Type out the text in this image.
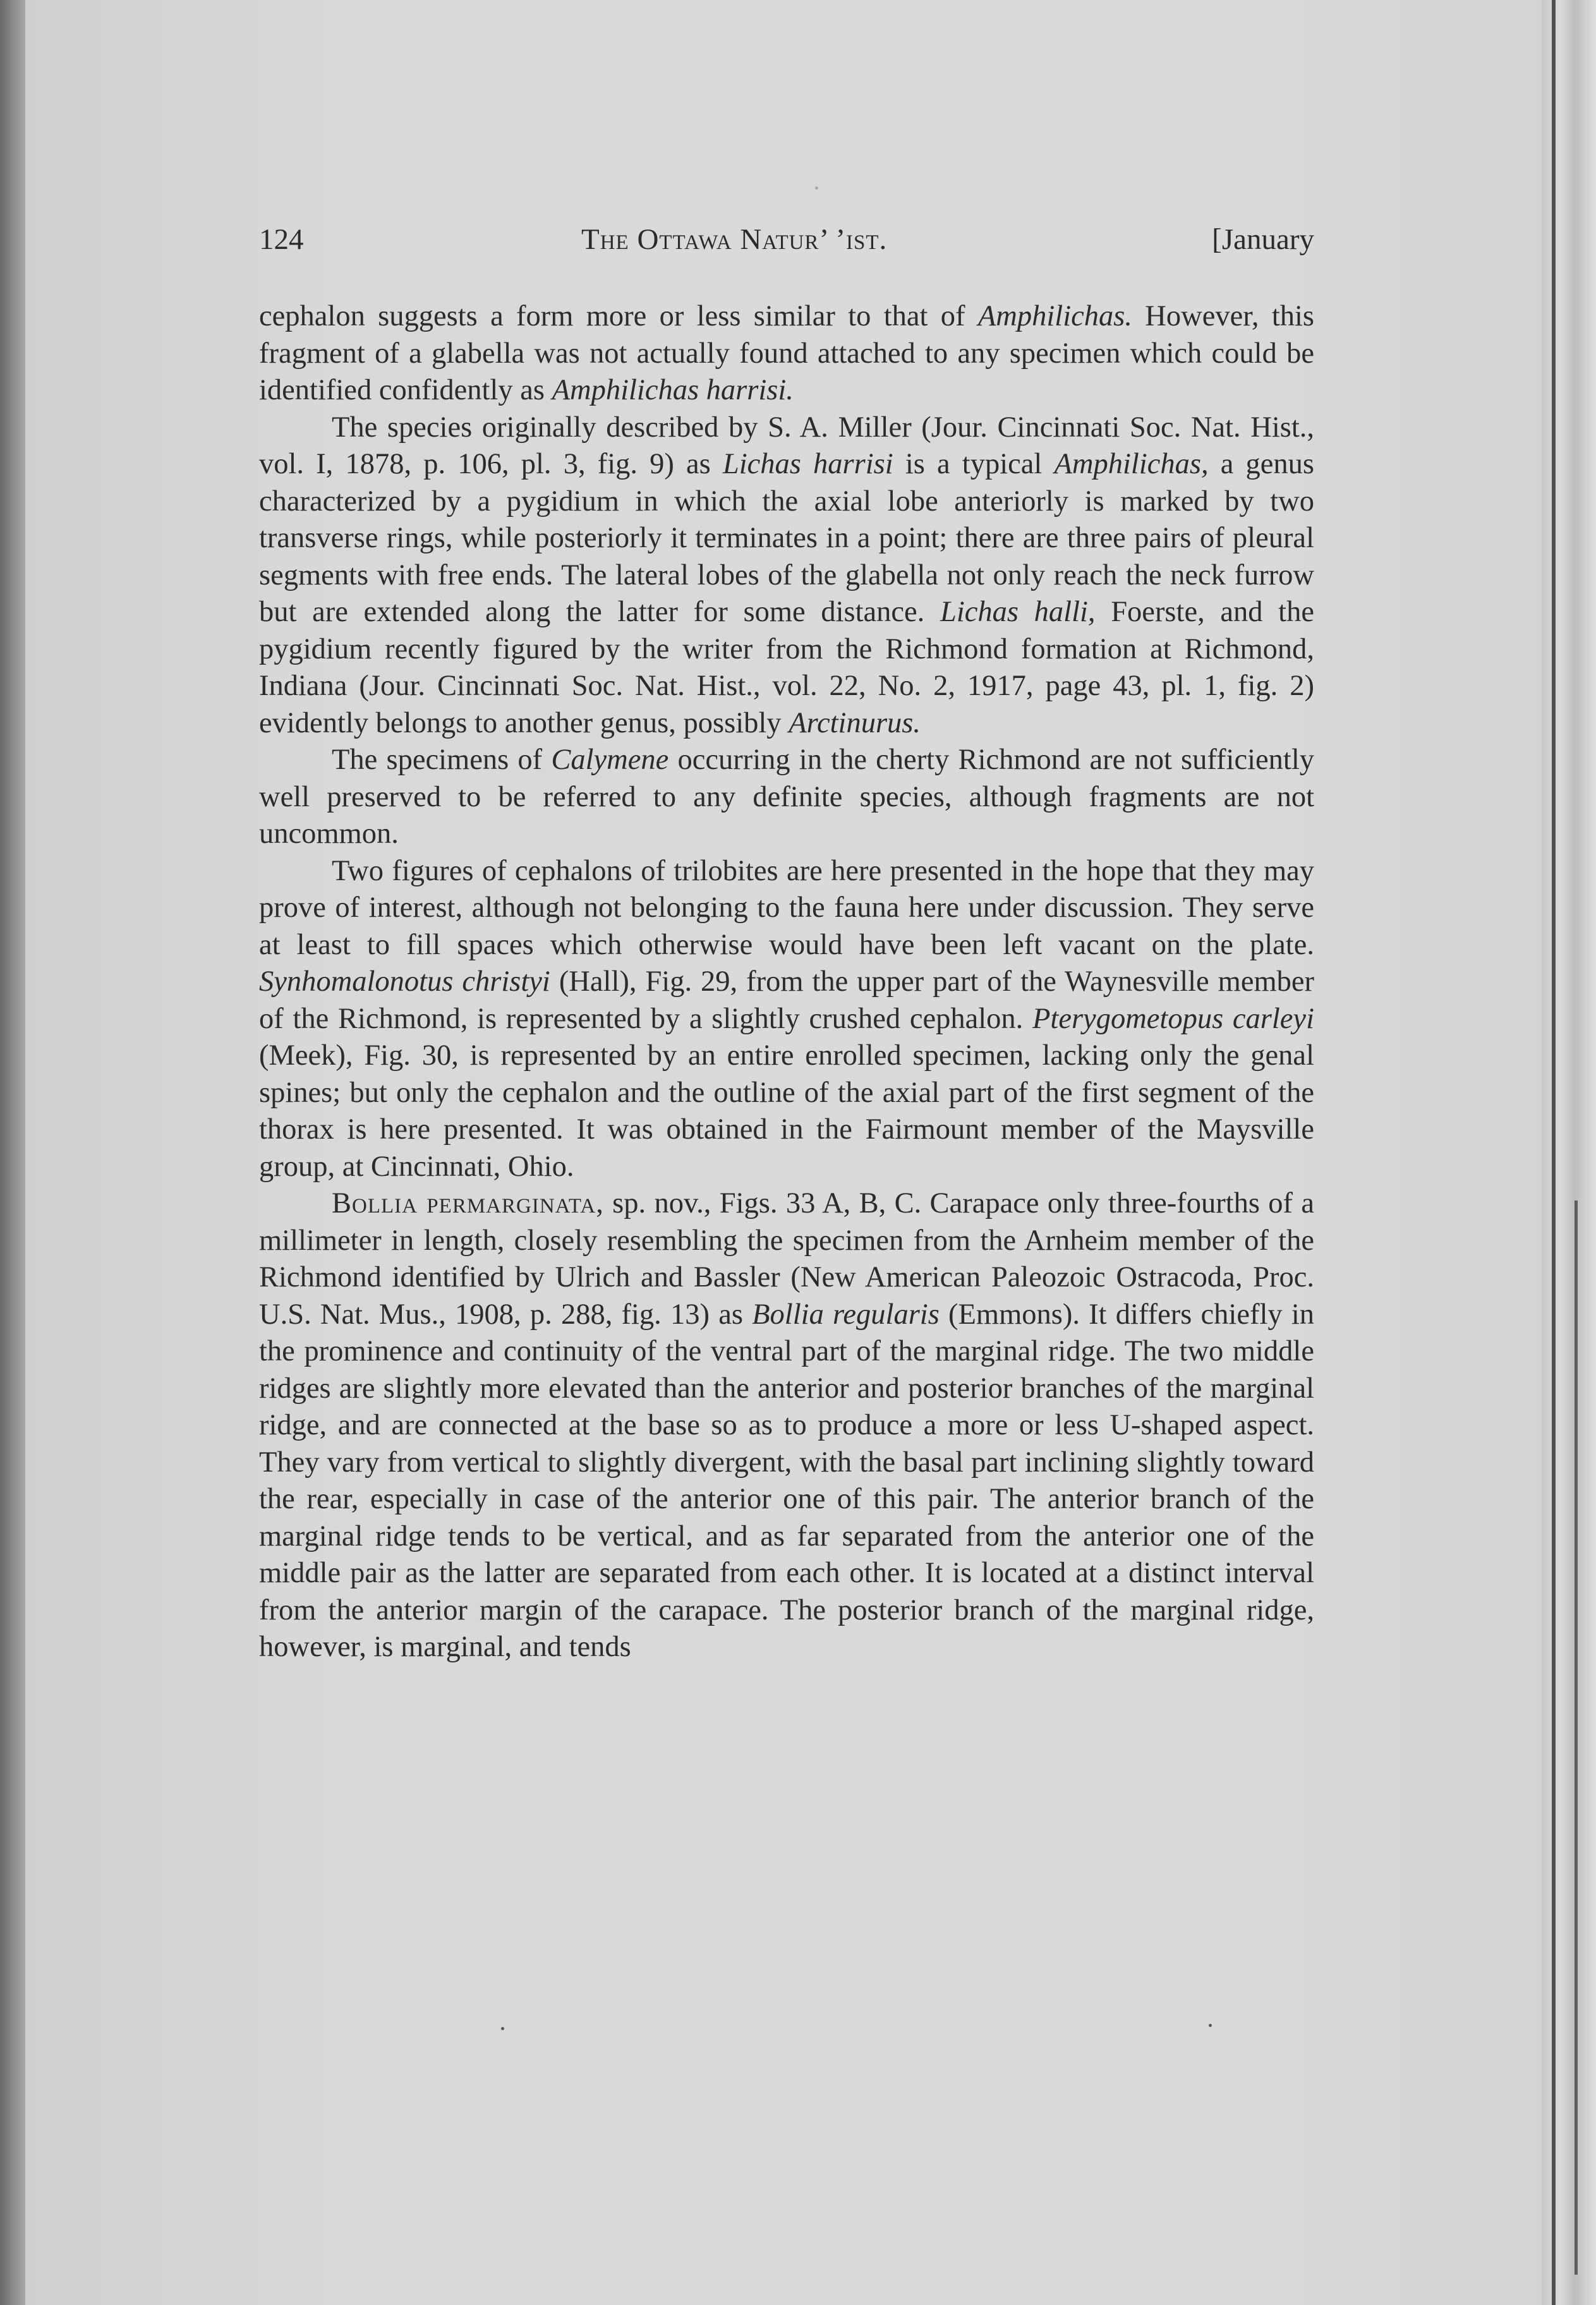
124	The Ottawa Natur’ ’ist.	[January

cephalon suggests a form more or less similar to that of Amphilichas. However, this fragment of a glabella was not actually found attached to any specimen which could be identified confidently as Amphilichas harrisi.

The species originally described by S. A. Miller (Jour. Cincinnati Soc. Nat. Hist., vol. I, 1878, p. 106, pl. 3, fig. 9) as Lichas harrisi is a typical Amphilichas, a genus characterized by a pygidium in which the axial lobe anteriorly is marked by two transverse rings, while posteriorly it terminates in a point; there are three pairs of pleural segments with free ends. The lateral lobes of the glabella not only reach the neck furrow but are extended along the latter for some distance. Lichas halli, Foerste, and the pygidium recently figured by the writer from the Richmond formation at Richmond, Indiana (Jour. Cincinnati Soc. Nat. Hist., vol. 22, No. 2, 1917, page 43, pl. 1, fig. 2) evidently belongs to another genus, possibly Arctinurus.

The specimens of Calymene occurring in the cherty Richmond are not sufficiently well preserved to be referred to any definite species, although fragments are not uncommon.

Two figures of cephalons of trilobites are here presented in the hope that they may prove of interest, although not belonging to the fauna here under discussion. They serve at least to fill spaces which otherwise would have been left vacant on the plate. Synhomalonotus christyi (Hall), Fig. 29, from the upper part of the Waynesville member of the Richmond, is represented by a slightly crushed cephalon. Pterygometopus carleyi (Meek), Fig. 30, is represented by an entire enrolled specimen, lacking only the genal spines; but only the cephalon and the outline of the axial part of the first segment of the thorax is here presented. It was obtained in the Fairmount member of the Maysville group, at Cincinnati, Ohio.

Bollia permarginata, sp. nov., Figs. 33 A, B, C. Carapace only three-fourths of a millimeter in length, closely resembling the specimen from the Arnheim member of the Richmond identified by Ulrich and Bassler (New American Paleozoic Ostracoda, Proc. U.S. Nat. Mus., 1908, p. 288, fig. 13) as Bollia regularis (Emmons). It differs chiefly in the prominence and continuity of the ventral part of the marginal ridge. The two middle ridges are slightly more elevated than the anterior and posterior branches of the marginal ridge, and are connected at the base so as to produce a more or less U-shaped aspect. They vary from vertical to slightly divergent, with the basal part inclining slightly toward the rear, especially in case of the anterior one of this pair. The anterior branch of the marginal ridge tends to be vertical, and as far separated from the anterior one of the middle pair as the latter are separated from each other. It is located at a distinct interval from the anterior margin of the carapace. The posterior branch of the marginal ridge, however, is marginal, and tends
